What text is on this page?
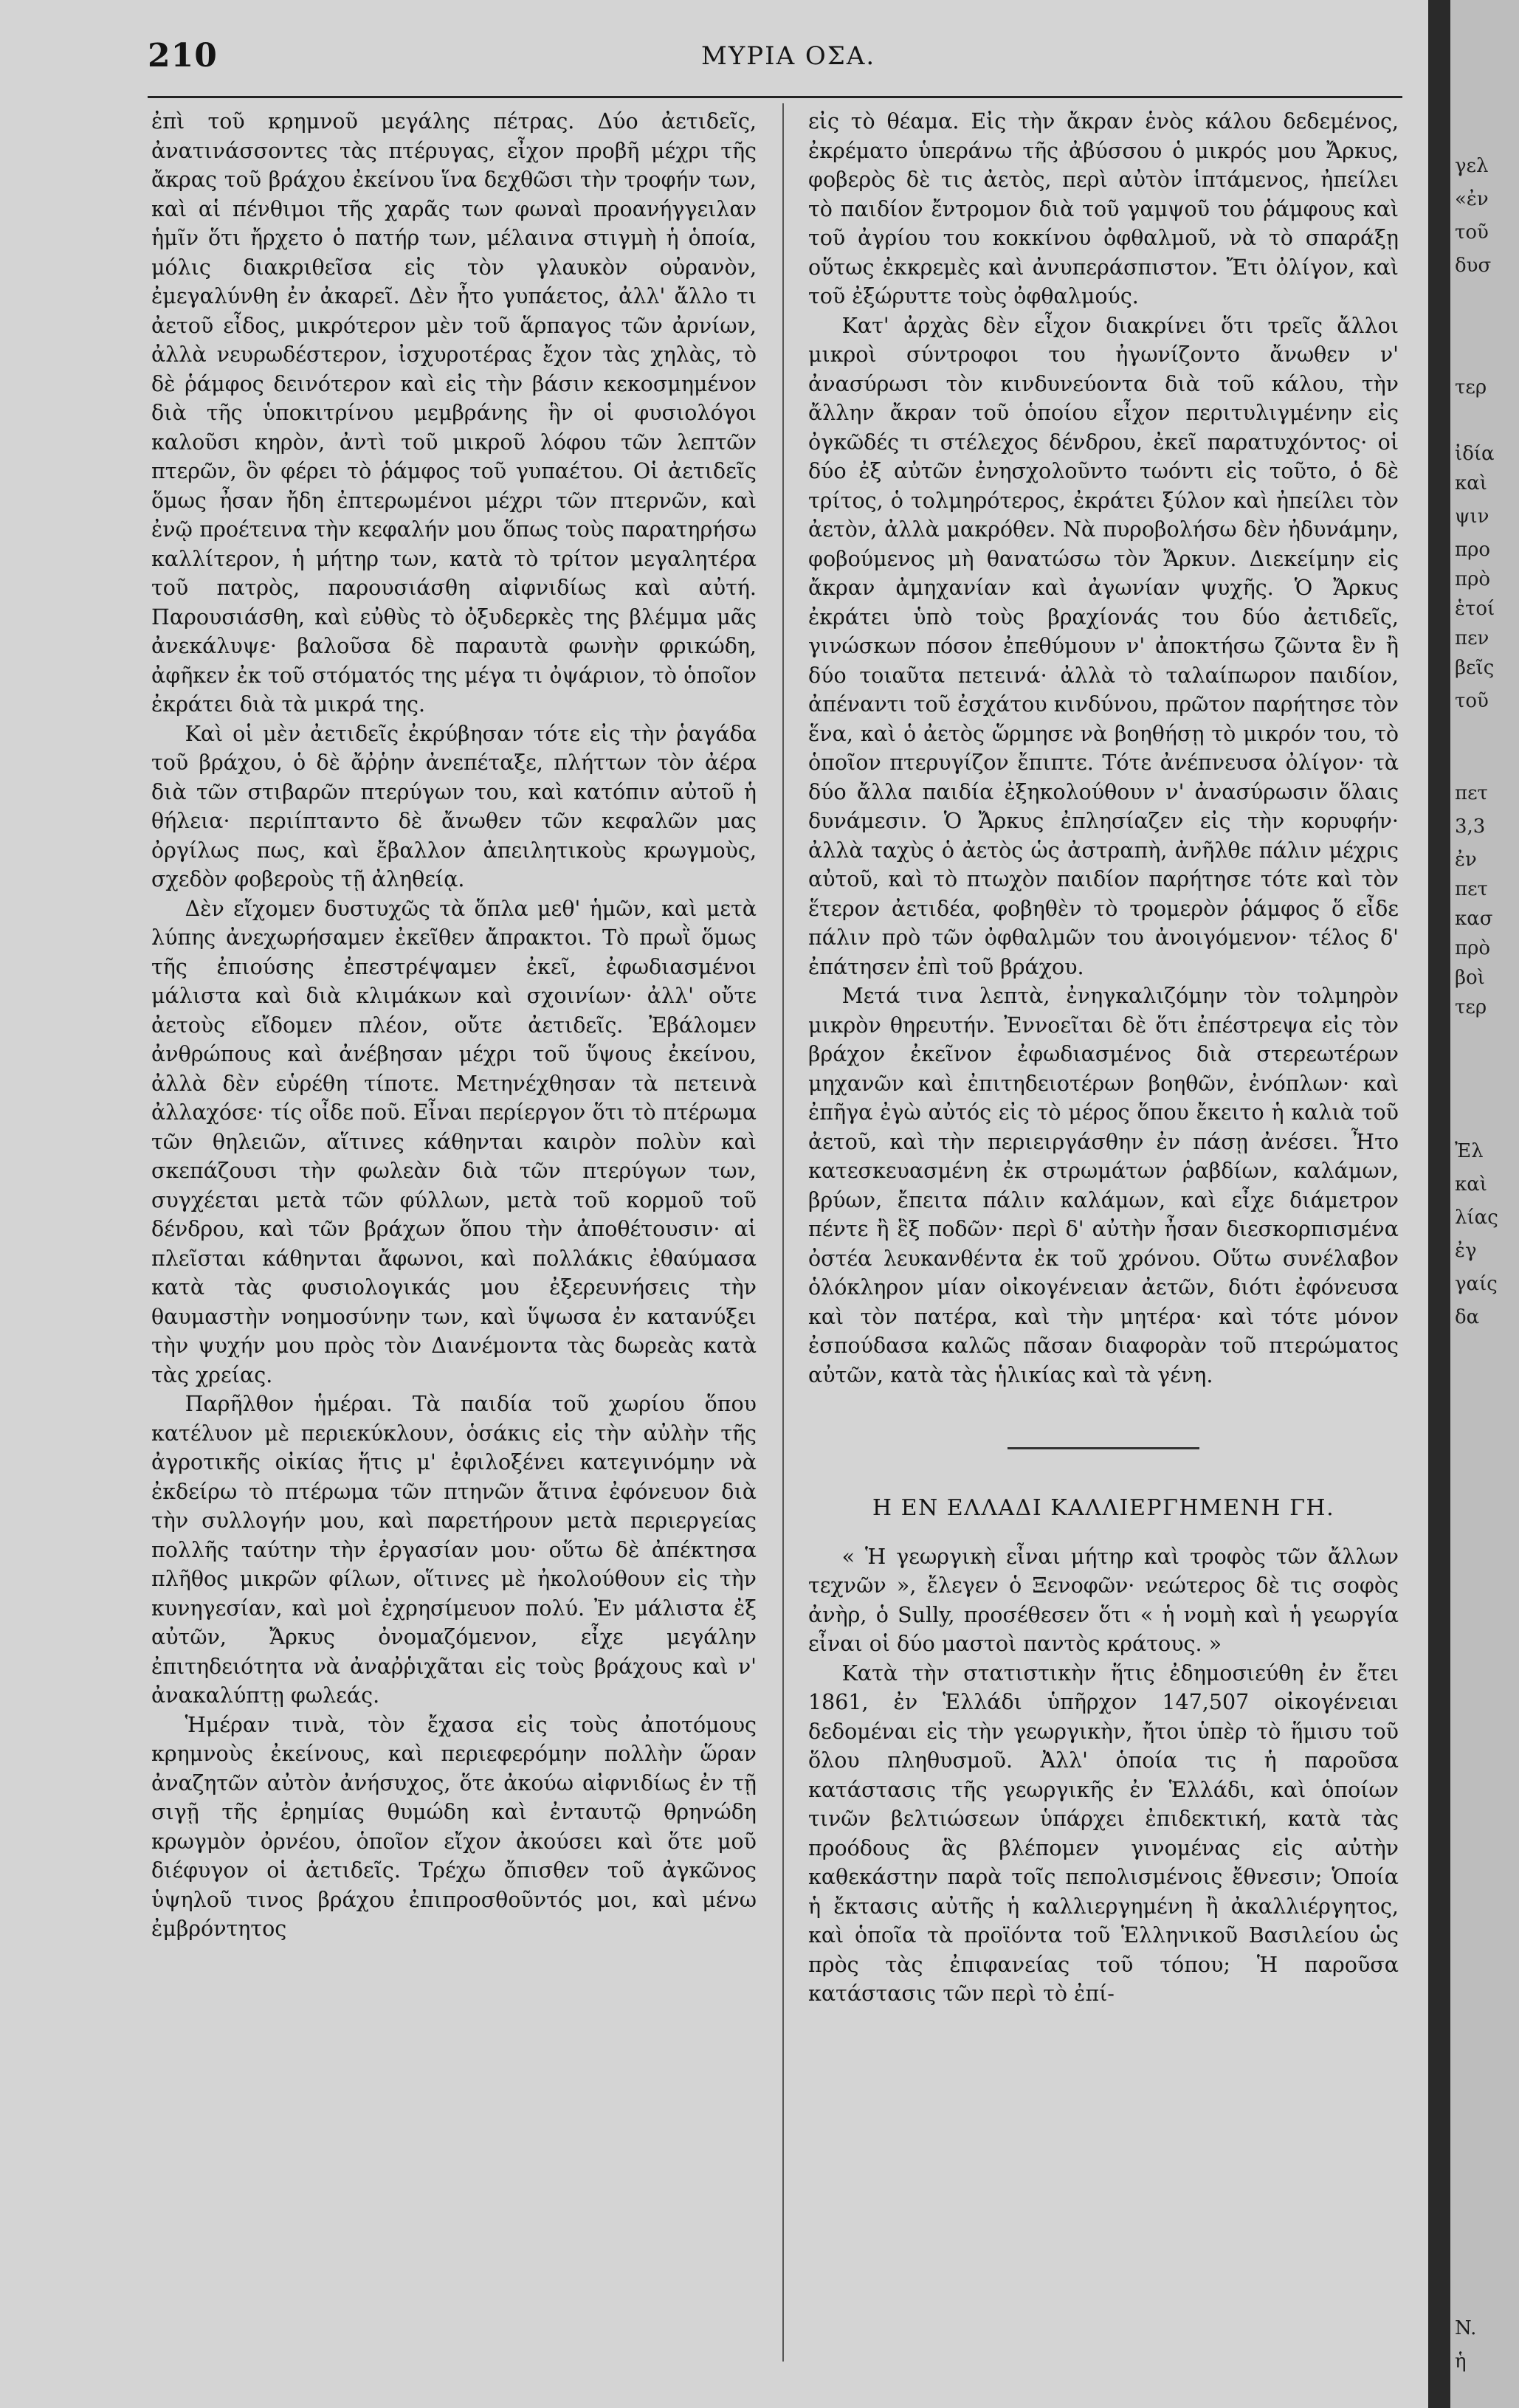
210	ΜΥΡΙΑ ΟΣΑ.

ἐπὶ τοῦ κρημνοῦ μεγάλης πέτρας. Δύο ἀετιδεῖς, ἀνατινάσσοντες τὰς πτέρυγας, εἶχον προβῆ μέχρι τῆς ἄκρας τοῦ βράχου ἐκείνου ἵνα δεχθῶσι τὴν τροφήν των, καὶ αἱ πένθιμοι τῆς χαρᾶς των φωναὶ προανήγγειλαν ἡμῖν ὅτι ἤρχετο ὁ πατήρ των, μέλαινα στιγμὴ ἡ ὁποία, μόλις διακριθεῖσα εἰς τὸν γλαυκὸν οὐρανὸν, ἐμεγαλύνθη ἐν ἀκαρεῖ. Δὲν ἦτο γυπάετος, ἀλλ' ἄλλο τι ἀετοῦ εἶδος, μικρότερον μὲν τοῦ ἅρπαγος τῶν ἀρνίων, ἀλλὰ νευρωδέστερον, ἰσχυροτέρας ἔχον τὰς χηλὰς, τὸ δὲ ῥάμφος δεινότερον καὶ εἰς τὴν βάσιν κεκοσμημένον διὰ τῆς ὑποκιτρίνου μεμβράνης ἣν οἱ φυσιολόγοι καλοῦσι κηρὸν, ἀντὶ τοῦ μικροῦ λόφου τῶν λεπτῶν πτερῶν, ὃν φέρει τὸ ῥάμφος τοῦ γυπαέτου. Οἱ ἀετιδεῖς ὅμως ἦσαν ἤδη ἐπτερωμένοι μέχρι τῶν πτερνῶν, καὶ ἐνῷ προέτεινα τὴν κεφαλήν μου ὅπως τοὺς παρατηρήσω καλλίτερον, ἡ μήτηρ των, κατὰ τὸ τρίτον μεγαλητέρα τοῦ πατρὸς, παρουσιάσθη αἰφνιδίως καὶ αὐτή. Παρουσιάσθη, καὶ εὐθὺς τὸ ὀξυδερκὲς της βλέμμα μᾶς ἀνεκάλυψε· βαλοῦσα δὲ παραυτὰ φωνὴν φρικώδη, ἀφῆκεν ἐκ τοῦ στόματός της μέγα τι ὀψάριον, τὸ ὁποῖον ἐκράτει διὰ τὰ μικρά της.

Καὶ οἱ μὲν ἀετιδεῖς ἐκρύβησαν τότε εἰς τὴν ῥαγάδα τοῦ βράχου, ὁ δὲ ἄῤῥην ἀνεπέταξε, πλήττων τὸν ἀέρα διὰ τῶν στιβαρῶν πτερύγων του, καὶ κατόπιν αὐτοῦ ἡ θήλεια· περιίπταντο δὲ ἄνωθεν τῶν κεφαλῶν μας ὀργίλως πως, καὶ ἔβαλλον ἀπειλητικοὺς κρωγμοὺς, σχεδὸν φοβεροὺς τῇ ἀληθείᾳ.

Δὲν εἴχομεν δυστυχῶς τὰ ὅπλα μεθ' ἡμῶν, καὶ μετὰ λύπης ἀνεχωρήσαμεν ἐκεῖθεν ἄπρακτοι. Τὸ πρωῒ ὅμως τῆς ἐπιούσης ἐπεστρέψαμεν ἐκεῖ, ἐφωδιασμένοι μάλιστα καὶ διὰ κλιμάκων καὶ σχοινίων· ἀλλ' οὔτε ἀετοὺς εἴδομεν πλέον, οὔτε ἀετιδεῖς. Ἐβάλομεν ἀνθρώπους καὶ ἀνέβησαν μέχρι τοῦ ὕψους ἐκείνου, ἀλλὰ δὲν εὑρέθη τίποτε. Μετηνέχθησαν τὰ πετεινὰ ἀλλαχόσε· τίς οἶδε ποῦ. Εἶναι περίεργον ὅτι τὸ πτέρωμα τῶν θηλειῶν, αἵτινες κάθηνται καιρὸν πολὺν καὶ σκεπάζουσι τὴν φωλεὰν διὰ τῶν πτερύγων των, συγχέεται μετὰ τῶν φύλλων, μετὰ τοῦ κορμοῦ τοῦ δένδρου, καὶ τῶν βράχων ὅπου τὴν ἀποθέτουσιν· αἱ πλεῖσται κάθηνται ἄφωνοι, καὶ πολλάκις ἐθαύμασα κατὰ τὰς φυσιολογικάς μου ἐξερευνήσεις τὴν θαυμαστὴν νοημοσύνην των, καὶ ὕψωσα ἐν κατανύξει τὴν ψυχήν μου πρὸς τὸν Διανέμοντα τὰς δωρεὰς κατὰ τὰς χρείας.

Παρῆλθον ἡμέραι. Τὰ παιδία τοῦ χωρίου ὅπου κατέλυον μὲ περιεκύκλουν, ὁσάκις εἰς τὴν αὐλὴν τῆς ἀγροτικῆς οἰκίας ἥτις μ' ἐφιλοξένει κατεγινόμην νὰ ἐκδείρω τὸ πτέρωμα τῶν πτηνῶν ἅτινα ἐφόνευον διὰ τὴν συλλογήν μου, καὶ παρετήρουν μετὰ περιεργείας πολλῆς ταύτην τὴν ἐργασίαν μου· οὕτω δὲ ἀπέκτησα πλῆθος μικρῶν φίλων, οἵτινες μὲ ἠκολούθουν εἰς τὴν κυνηγεσίαν, καὶ μοὶ ἐχρησίμευον πολύ. Ἐν μάλιστα ἐξ αὐτῶν, Ἄρκυς ὀνομαζόμενον, εἶχε μεγάλην ἐπιτηδειότητα νὰ ἀναῤῥιχᾶται εἰς τοὺς βράχους καὶ ν' ἀνακαλύπτῃ φωλεάς.

Ἡμέραν τινὰ, τὸν ἔχασα εἰς τοὺς ἀποτόμους κρημνοὺς ἐκείνους, καὶ περιεφερόμην πολλὴν ὥραν ἀναζητῶν αὐτὸν ἀνήσυχος, ὅτε ἀκούω αἰφνιδίως ἐν τῇ σιγῇ τῆς ἐρημίας θυμώδη καὶ ἐνταυτῷ θρηνώδη κρωγμὸν ὀρνέου, ὁποῖον εἴχον ἀκούσει καὶ ὅτε μοῦ διέφυγον οἱ ἀετιδεῖς. Τρέχω ὄπισθεν τοῦ ἀγκῶνος ὑψηλοῦ τινος βράχου ἐπιπροσθοῦντός μοι, καὶ μένω ἐμβρόντητος

εἰς τὸ θέαμα. Εἰς τὴν ἄκραν ἑνὸς κάλου δεδεμένος, ἐκρέματο ὑπεράνω τῆς ἀβύσσου ὁ μικρός μου Ἄρκυς, φοβερὸς δὲ τις ἀετὸς, περὶ αὐτὸν ἱπτάμενος, ἠπείλει τὸ παιδίον ἔντρομον διὰ τοῦ γαμψοῦ του ῥάμφους καὶ τοῦ ἀγρίου του κοκκίνου ὀφθαλμοῦ, νὰ τὸ σπαράξῃ οὕτως ἐκκρεμὲς καὶ ἀνυπεράσπιστον. Ἔτι ὀλίγον, καὶ τοῦ ἐξώρυττε τοὺς ὀφθαλμούς.

Κατ' ἀρχὰς δὲν εἶχον διακρίνει ὅτι τρεῖς ἄλλοι μικροὶ σύντροφοι του ἠγωνίζοντο ἄνωθεν ν' ἀνασύρωσι τὸν κινδυνεύοντα διὰ τοῦ κάλου, τὴν ἄλλην ἄκραν τοῦ ὁποίου εἶχον περιτυλιγμένην εἰς ὀγκῶδές τι στέλεχος δένδρου, ἐκεῖ παρατυχόντος· οἱ δύο ἐξ αὐτῶν ἐνησχολοῦντο τωόντι εἰς τοῦτο, ὁ δὲ τρίτος, ὁ τολμηρότερος, ἐκράτει ξύλον καὶ ἠπείλει τὸν ἀετὸν, ἀλλὰ μακρόθεν. Νὰ πυροβολήσω δὲν ἠδυνάμην, φοβούμενος μὴ θανατώσω τὸν Ἄρκυν. Διεκείμην εἰς ἄκραν ἀμηχανίαν καὶ ἀγωνίαν ψυχῆς. Ὁ Ἄρκυς ἐκράτει ὑπὸ τοὺς βραχίονάς του δύο ἀετιδεῖς, γινώσκων πόσον ἐπεθύμουν ν' ἀποκτήσω ζῶντα ἓν ἢ δύο τοιαῦτα πετεινά· ἀλλὰ τὸ ταλαίπωρον παιδίον, ἀπέναντι τοῦ ἐσχάτου κινδύνου, πρῶτον παρήτησε τὸν ἕνα, καὶ ὁ ἀετὸς ὥρμησε νὰ βοηθήσῃ τὸ μικρόν του, τὸ ὁποῖον πτερυγίζον ἔπιπτε. Τότε ἀνέπνευσα ὀλίγον· τὰ δύο ἄλλα παιδία ἐξηκολούθουν ν' ἀνασύρωσιν ὅλαις δυνάμεσιν. Ὁ Ἄρκυς ἐπλησίαζεν εἰς τὴν κορυφήν· ἀλλὰ ταχὺς ὁ ἀετὸς ὡς ἀστραπὴ, ἀνῆλθε πάλιν μέχρις αὐτοῦ, καὶ τὸ πτωχὸν παιδίον παρήτησε τότε καὶ τὸν ἕτερον ἀετιδέα, φοβηθὲν τὸ τρομερὸν ῥάμφος ὅ εἶδε πάλιν πρὸ τῶν ὀφθαλμῶν του ἀνοιγόμενον· τέλος δ' ἐπάτησεν ἐπὶ τοῦ βράχου.

Μετά τινα λεπτὰ, ἐνηγκαλιζόμην τὸν τολμηρὸν μικρὸν θηρευτήν. Ἐννοεῖται δὲ ὅτι ἐπέστρεψα εἰς τὸν βράχον ἐκεῖνον ἐφωδιασμένος διὰ στερεωτέρων μηχανῶν καὶ ἐπιτηδειοτέρων βοηθῶν, ἐνόπλων· καὶ ἐπῆγα ἐγὼ αὐτός εἰς τὸ μέρος ὅπου ἔκειτο ἡ καλιὰ τοῦ ἀετοῦ, καὶ τὴν περιειργάσθην ἐν πάσῃ ἀνέσει. Ἦτο κατεσκευασμένη ἐκ στρωμάτων ῥαβδίων, καλάμων, βρύων, ἔπειτα πάλιν καλάμων, καὶ εἶχε διάμετρον πέντε ἢ ἓξ ποδῶν· περὶ δ' αὐτὴν ἦσαν διεσκορπισμένα ὀστέα λευκανθέντα ἐκ τοῦ χρόνου. Οὕτω συνέλαβον ὁλόκληρον μίαν οἰκογένειαν ἀετῶν, διότι ἐφόνευσα καὶ τὸν πατέρα, καὶ τὴν μητέρα· καὶ τότε μόνον ἐσπούδασα καλῶς πᾶσαν διαφορὰν τοῦ πτερώματος αὐτῶν, κατὰ τὰς ἡλικίας καὶ τὰ γένη.

Η ΕΝ ΕΛΛΑΔΙ ΚΑΛΛΙΕΡΓΗΜΕΝΗ ΓΗ.

« Ἡ γεωργικὴ εἶναι μήτηρ καὶ τροφὸς τῶν ἄλλων τεχνῶν », ἔλεγεν ὁ Ξενοφῶν· νεώτερος δὲ τις σοφὸς ἀνὴρ, ὁ Sully, προσέθεσεν ὅτι « ἡ νομὴ καὶ ἡ γεωργία εἶναι οἱ δύο μαστοὶ παντὸς κράτους. »

Κατὰ τὴν στατιστικὴν ἥτις ἐδημοσιεύθη ἐν ἔτει 1861, ἐν Ἑλλάδι ὑπῆρχον 147,507 οἰκογένειαι δεδομέναι εἰς τὴν γεωργικὴν, ἤτοι ὑπὲρ τὸ ἥμισυ τοῦ ὅλου πληθυσμοῦ. Ἀλλ' ὁποία τις ἡ παροῦσα κατάστασις τῆς γεωργικῆς ἐν Ἑλλάδι, καὶ ὁποίων τινῶν βελτιώσεων ὑπάρχει ἐπιδεκτική, κατὰ τὰς προόδους ἃς βλέπομεν γινομένας εἰς αὐτὴν καθεκάστην παρὰ τοῖς πεπολισμένοις ἔθνεσιν; Ὁποία ἡ ἔκτασις αὐτῆς ἡ καλλιεργημένη ἢ ἀκαλλιέργητος, καὶ ὁποῖα τὰ προϊόντα τοῦ Ἑλληνικοῦ Βασιλείου ὡς πρὸς τὰς ἐπιφανείας τοῦ τόπου; Ἡ παροῦσα κατάστασις τῶν περὶ τὸ ἐπί-

γελ
«ἐν
τοῦ
δυσ
τερ
ἰδία
καὶ
ψιν
προ
πρὸ
ἑτοί
πεν
βεῖς
τοῦ
πετ
3,3
ἐν
πετ
κασ
πρὸ
βοὶ
τερ
Ἐλ
καὶ
λίας
ἐγ
γαίς
δα
N.
ἡ
